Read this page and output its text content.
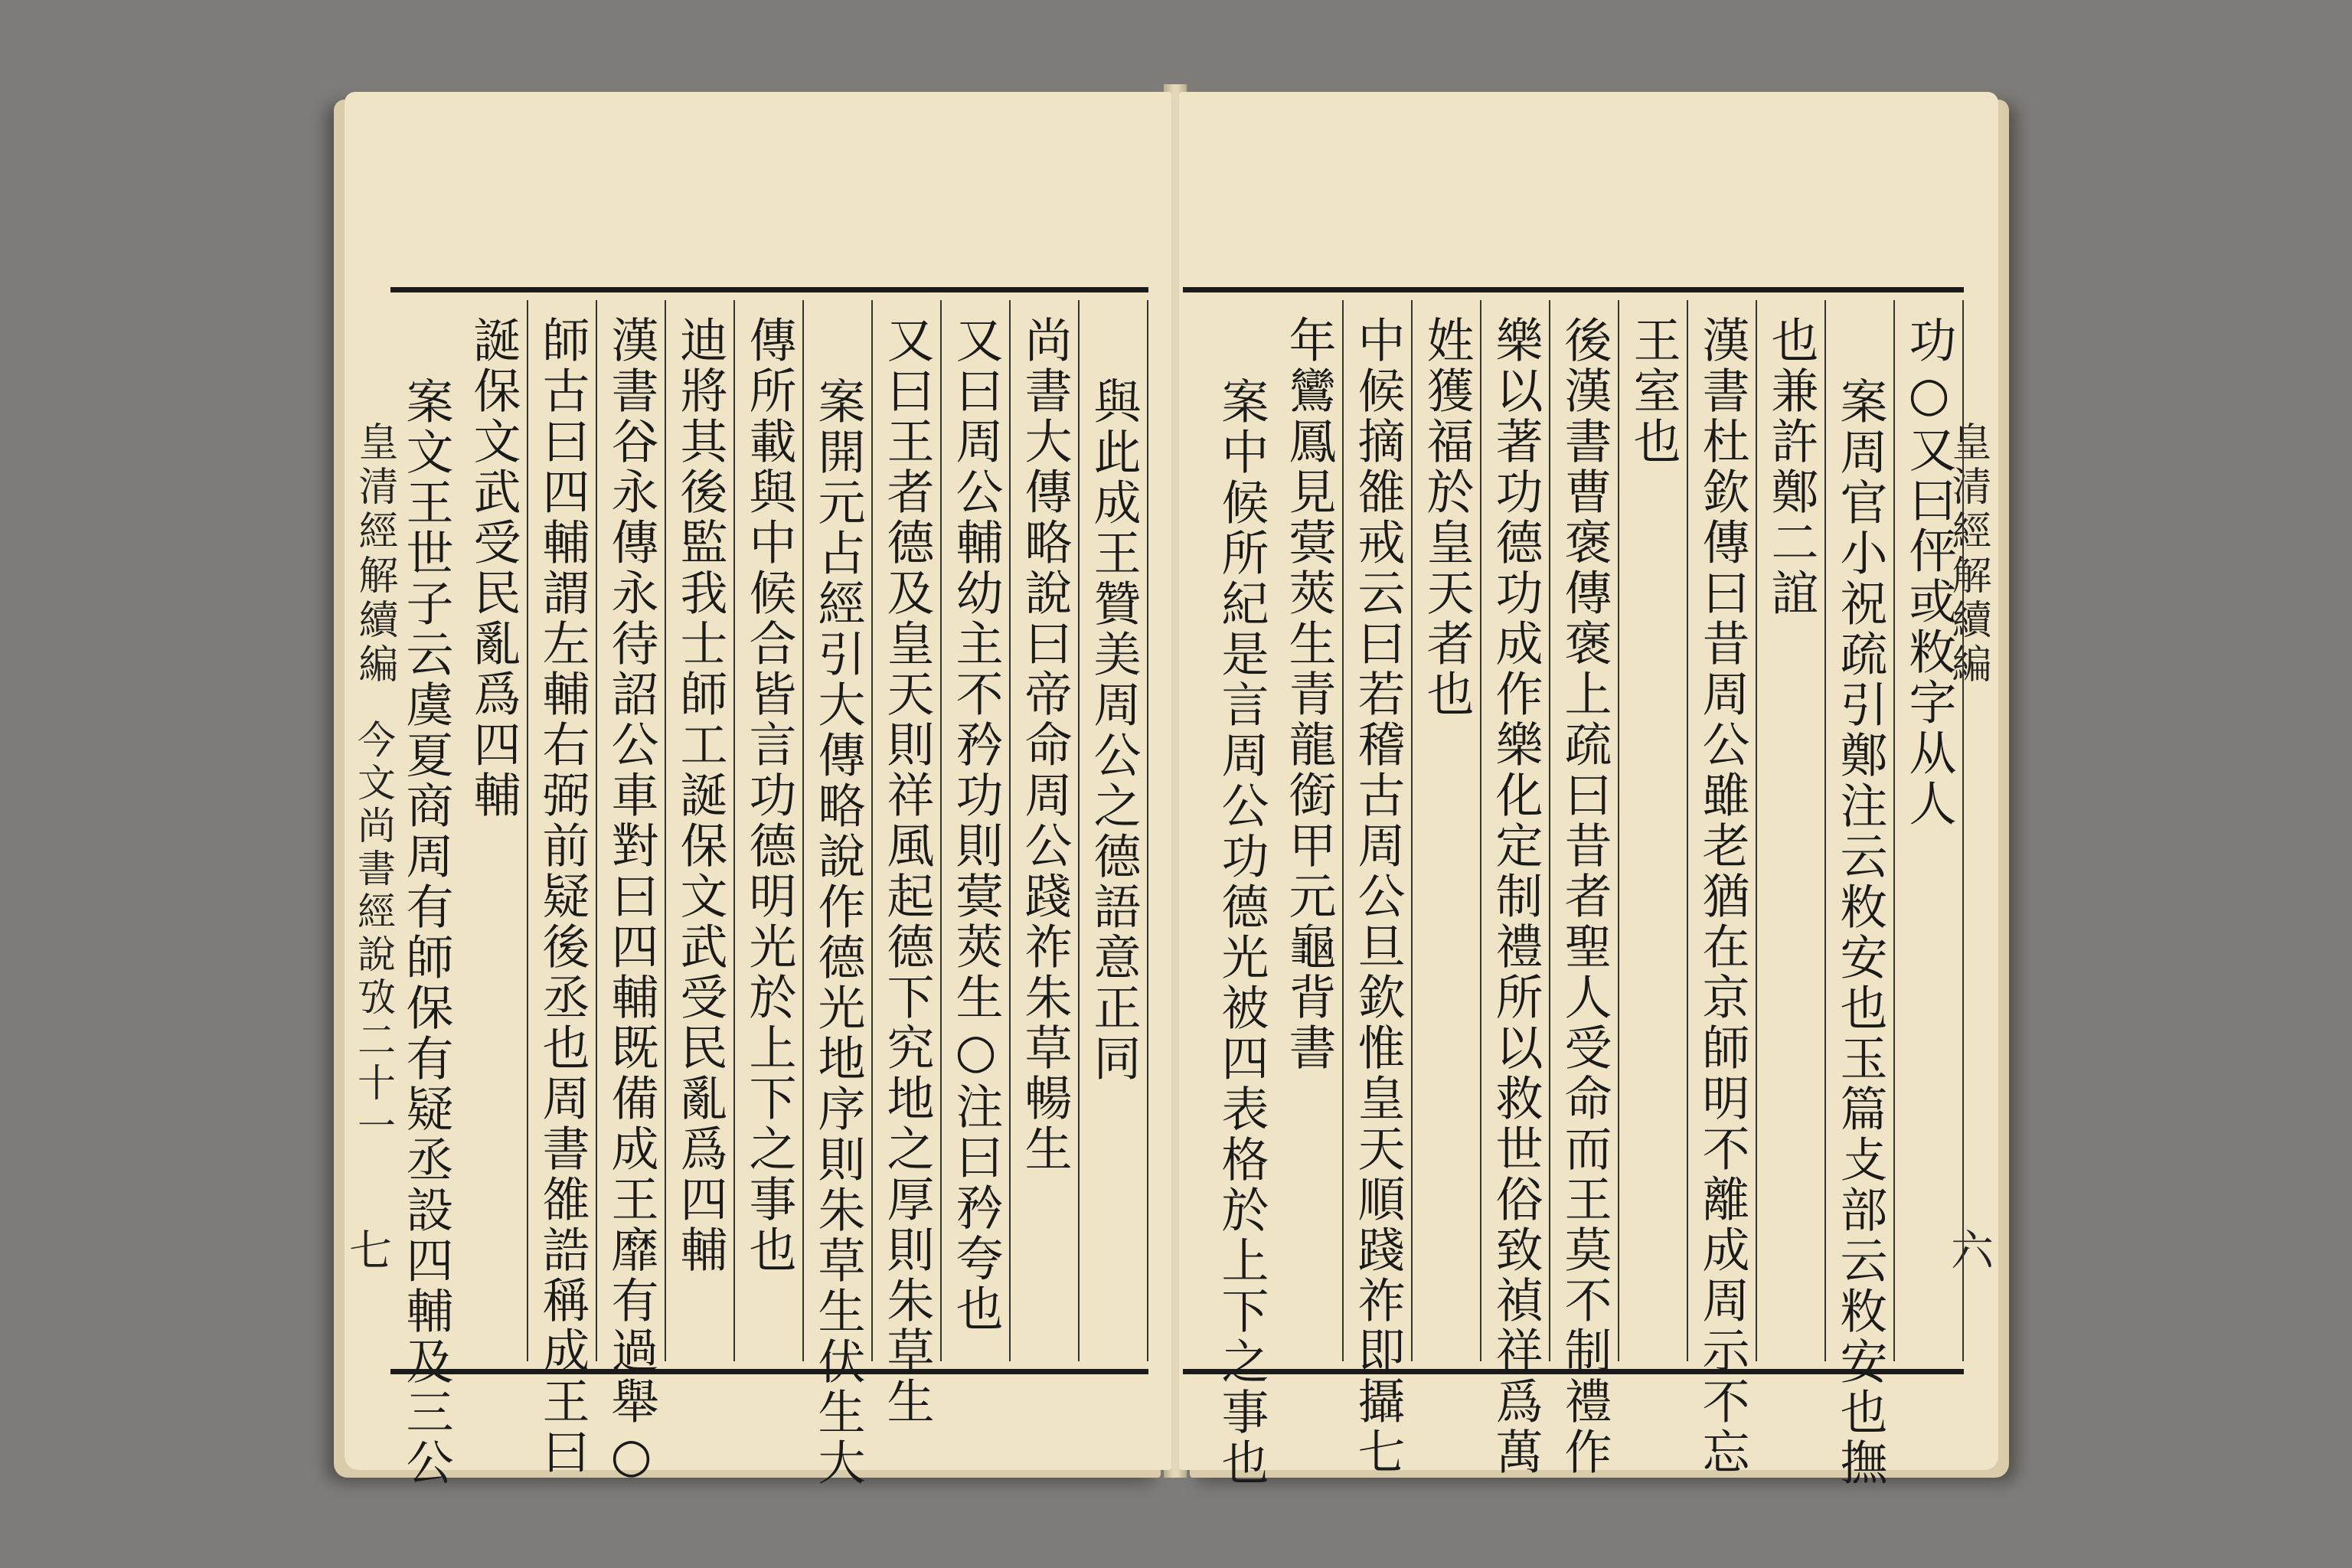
皇清經解續編
今文尚書經說攷二十一
七
皇清經解續編
六
與此成王贊美周公之德語意正同
尚書大傳略說曰帝命周公踐祚朱草暢生
又曰周公輔幼主不矜功則蓂莢生○注曰矜夸也
又曰王者德及皇天則祥風起德下究地之厚則朱草生
案開元占經引大傳略說作德光地序則朱草生伏生大
傳所載與中候合皆言功德明光於上下之事也
迪將其後監我士師工誕保文武受民亂爲四輔
漢書谷永傳永待詔公車對曰四輔既備成王靡有過舉○
師古曰四輔謂左輔右弼前疑後丞也周書雒誥稱成王曰
誕保文武受民亂爲四輔
案文王世子云虞夏商周有師保有疑丞設四輔及三公	功○又曰伻或敉字从人
案周官小祝疏引鄭注云敉安也玉篇攴部云敉安也撫
也兼許鄭二誼
漢書杜欽傳曰昔周公雖老猶在京師明不離成周示不忘
王室也
後漢書曹褒傳褒上疏曰昔者聖人受命而王莫不制禮作
樂以著功德功成作樂化定制禮所以救世俗致禎祥爲萬
姓獲福於皇天者也
中候摘雒戒云曰若稽古周公旦欽惟皇天順踐祚即攝七
年鸞鳳見蓂莢生青龍銜甲元龜背書
案中候所紀是言周公功德光被四表格於上下之事也
